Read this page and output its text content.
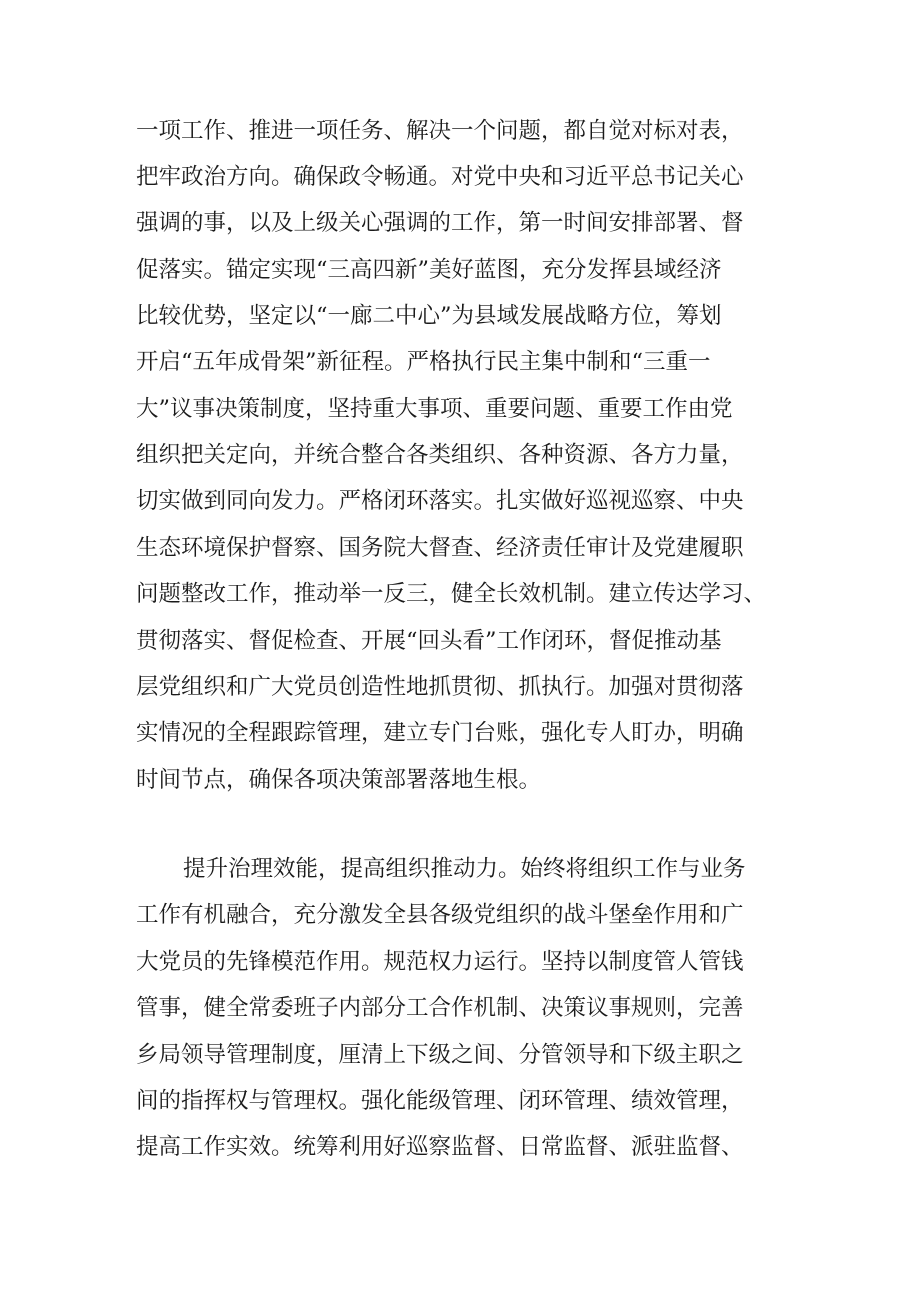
一项工作、推进一项任务、解决一个问题，都自觉对标对表，
把牢政治方向。确保政令畅通。对党中央和习近平总书记关心
强调的事，以及上级关心强调的工作，第一时间安排部署、督
促落实。锚定实现“三高四新”美好蓝图，充分发挥县域经济
比较优势，坚定以“一廊二中心”为县域发展战略方位，筹划
开启“五年成骨架”新征程。严格执行民主集中制和“三重一
大”议事决策制度，坚持重大事项、重要问题、重要工作由党
组织把关定向，并统合整合各类组织、各种资源、各方力量，
切实做到同向发力。严格闭环落实。扎实做好巡视巡察、中央
生态环境保护督察、国务院大督查、经济责任审计及党建履职
问题整改工作，推动举一反三，健全长效机制。建立传达学习、
贯彻落实、督促检查、开展“回头看”工作闭环，督促推动基
层党组织和广大党员创造性地抓贯彻、抓执行。加强对贯彻落
实情况的全程跟踪管理，建立专门台账，强化专人盯办，明确
时间节点，确保各项决策部署落地生根。
提升治理效能，提高组织推动力。始终将组织工作与业务
工作有机融合，充分激发全县各级党组织的战斗堡垒作用和广
大党员的先锋模范作用。规范权力运行。坚持以制度管人管钱
管事，健全常委班子内部分工合作机制、决策议事规则，完善
乡局领导管理制度，厘清上下级之间、分管领导和下级主职之
间的指挥权与管理权。强化能级管理、闭环管理、绩效管理，
提高工作实效。统筹利用好巡察监督、日常监督、派驻监督、
